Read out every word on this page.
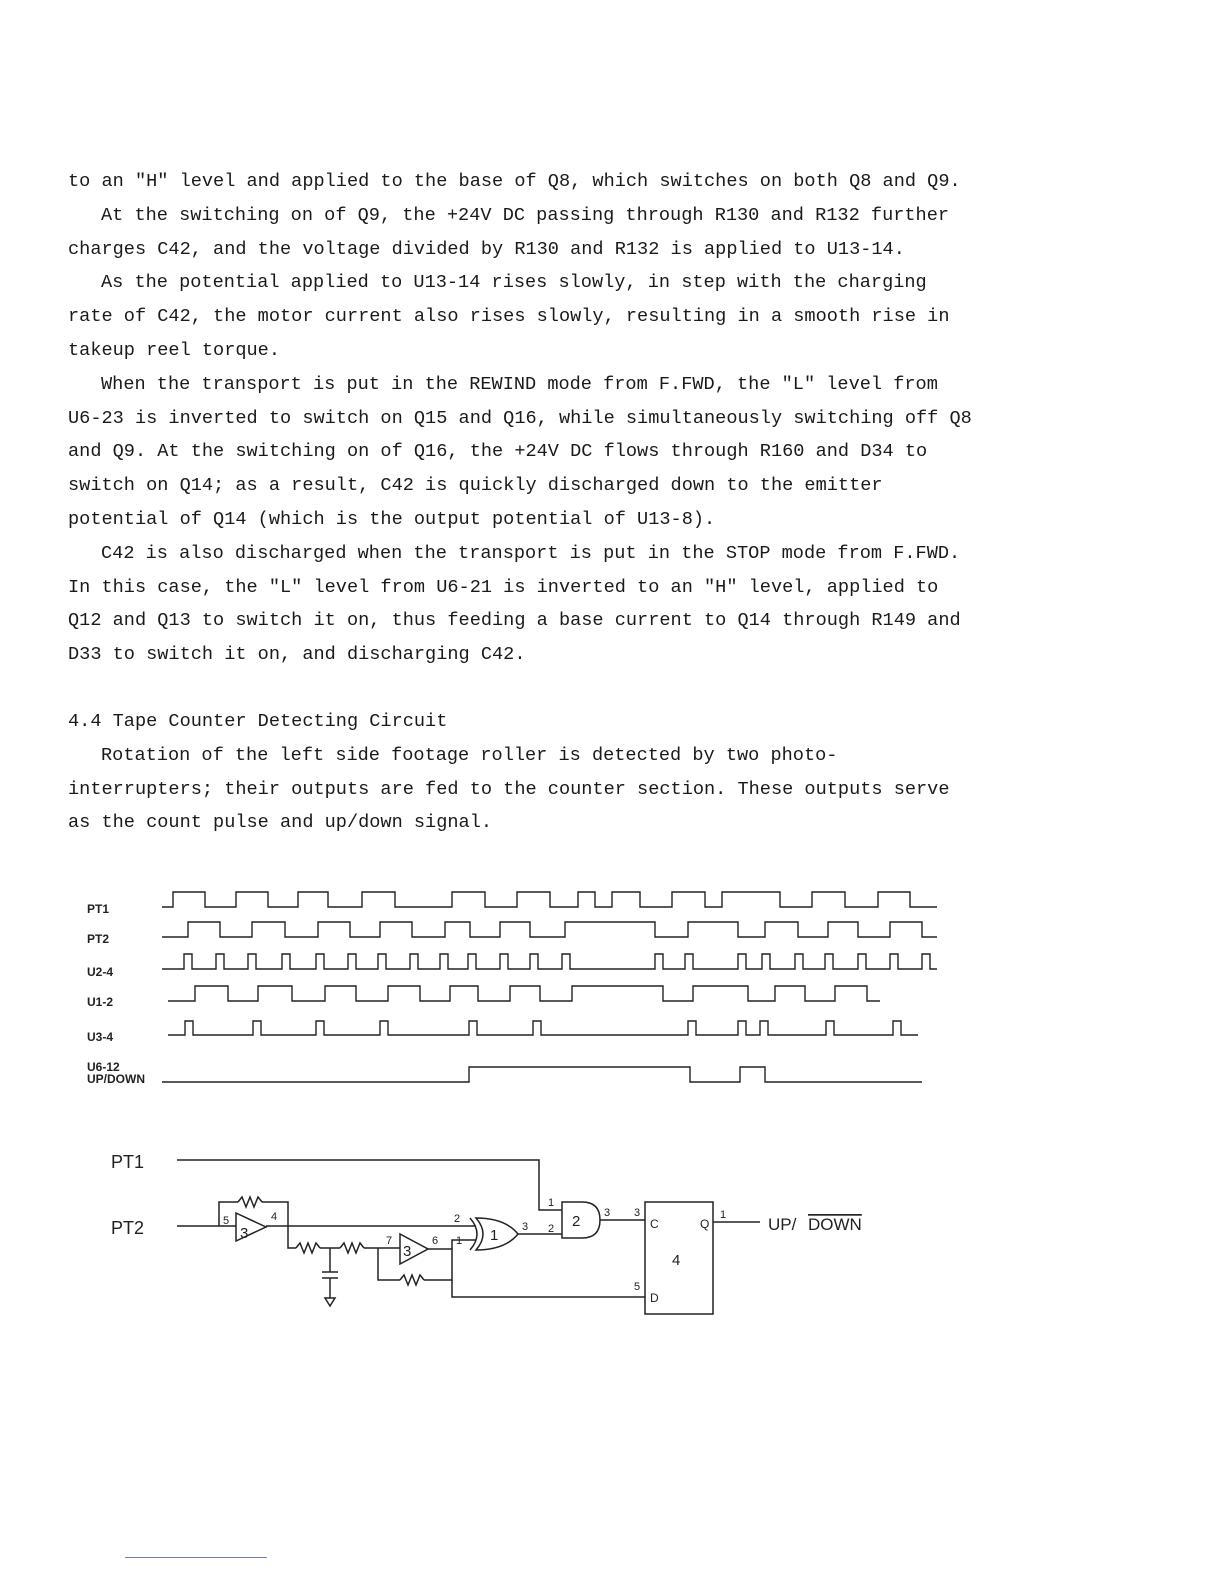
to an "H" level and applied to the base of Q8, which switches on both Q8 and Q9.

At the switching on of Q9, the +24V DC passing through R130 and R132 further charges C42, and the voltage divided by R130 and R132 is applied to U13-14.

As the potential applied to U13-14 rises slowly, in step with the charging rate of C42, the motor current also rises slowly, resulting in a smooth rise in takeup reel torque.

When the transport is put in the REWIND mode from F.FWD, the "L" level from U6-23 is inverted to switch on Q15 and Q16, while simultaneously switching off Q8 and Q9. At the switching on of Q16, the +24V DC flows through R160 and D34 to switch on Q14; as a result, C42 is quickly discharged down to the emitter potential of Q14 (which is the output potential of U13-8).

C42 is also discharged when the transport is put in the STOP mode from F.FWD. In this case, the "L" level from U6-21 is inverted to an "H" level, applied to Q12 and Q13 to switch it on, thus feeding a base current to Q14 through R149 and D33 to switch it on, and discharging C42.

4.4 Tape Counter Detecting Circuit

Rotation of the left side footage roller is detected by two photo-interrupters; their outputs are fed to the counter section. These outputs serve as the count pulse and up/down signal.

PT1
PT2
U2-4
U1-2
U3-4
U6-12
UP/DOWN
PT1
PT2	5	4
7	6
2
1
3
1
2
3 3
5
1
3
3
1
2
4
C	Q
D
UP/ DOWN
